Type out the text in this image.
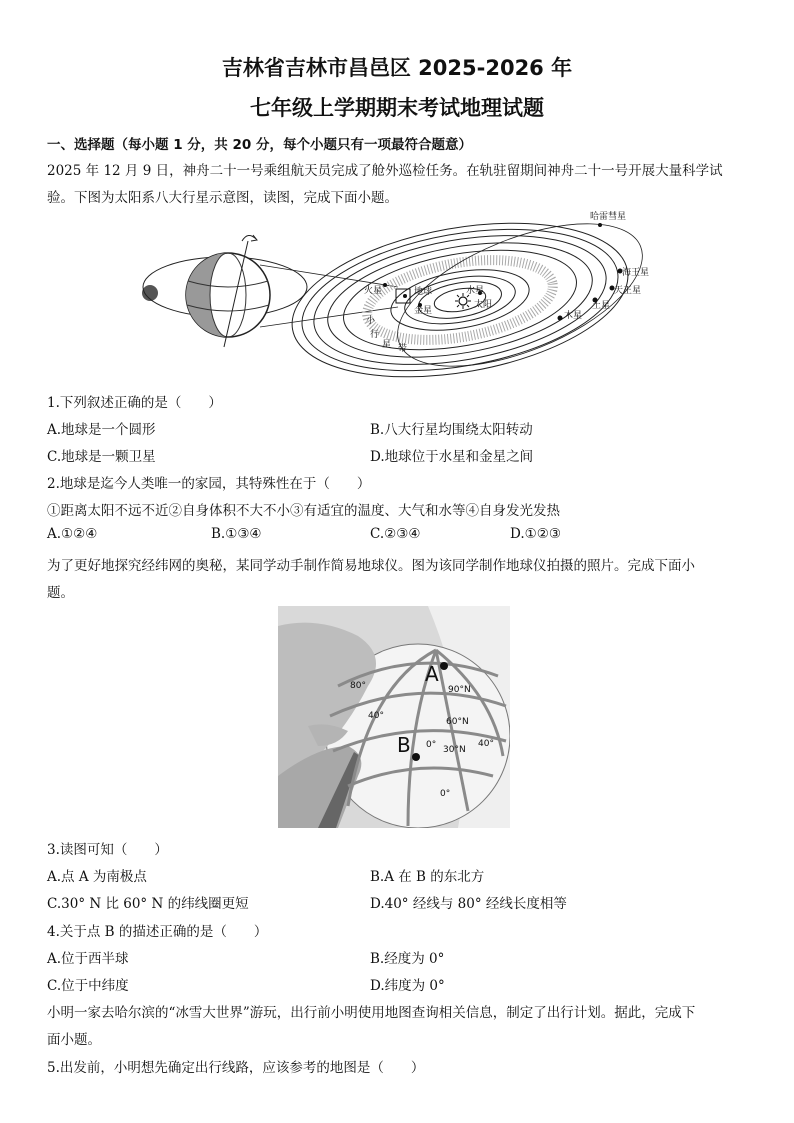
吉林省吉林市昌邑区 2025-2026 年
七年级上学期期末考试地理试题
一、选择题（每小题 1 分，共 20 分，每个小题只有一项最符合题意）
2025 年 12 月 9 日，神舟二十一号乘组航天员完成了舱外巡检任务。在轨驻留期间神舟二十一号开展大量科学试
验。下图为太阳系八大行星示意图，读图，完成下面小题。
哈雷彗星
海王星
天王星
土星
木星
水星
太阳
金星
地球
火星
小
行
星 带
1.下列叙述正确的是（　　）
A.地球是一个圆形	B.八大行星均围绕太阳转动
C.地球是一颗卫星	D.地球位于水星和金星之间
2.地球是迄今人类唯一的家园，其特殊性在于（　　）
①距离太阳不远不近②自身体积不大不小③有适宜的温度、大气和水等④自身发光发热
A.①②④	B.①③④	C.②③④	D.①②③
为了更好地探究经纬网的奥秘，某同学动手制作简易地球仪。图为该同学制作地球仪拍摄的照片。完成下面小
题。
A
B
90°N
60°N
30°N
40°
0°	40°
80°
0°
3.读图可知（　　）
A.点 A 为南极点	B.A 在 B 的东北方
C.30° N 比 60° N 的纬线圈更短	D.40° 经线与 80° 经线长度相等
4.关于点 B 的描述正确的是（　　）
A.位于西半球	B.经度为 0°
C.位于中纬度	D.纬度为 0°
小明一家去哈尔滨的“冰雪大世界”游玩，出行前小明使用地图查询相关信息，制定了出行计划。据此，完成下
面小题。
5.出发前，小明想先确定出行线路，应该参考的地图是（　　）
